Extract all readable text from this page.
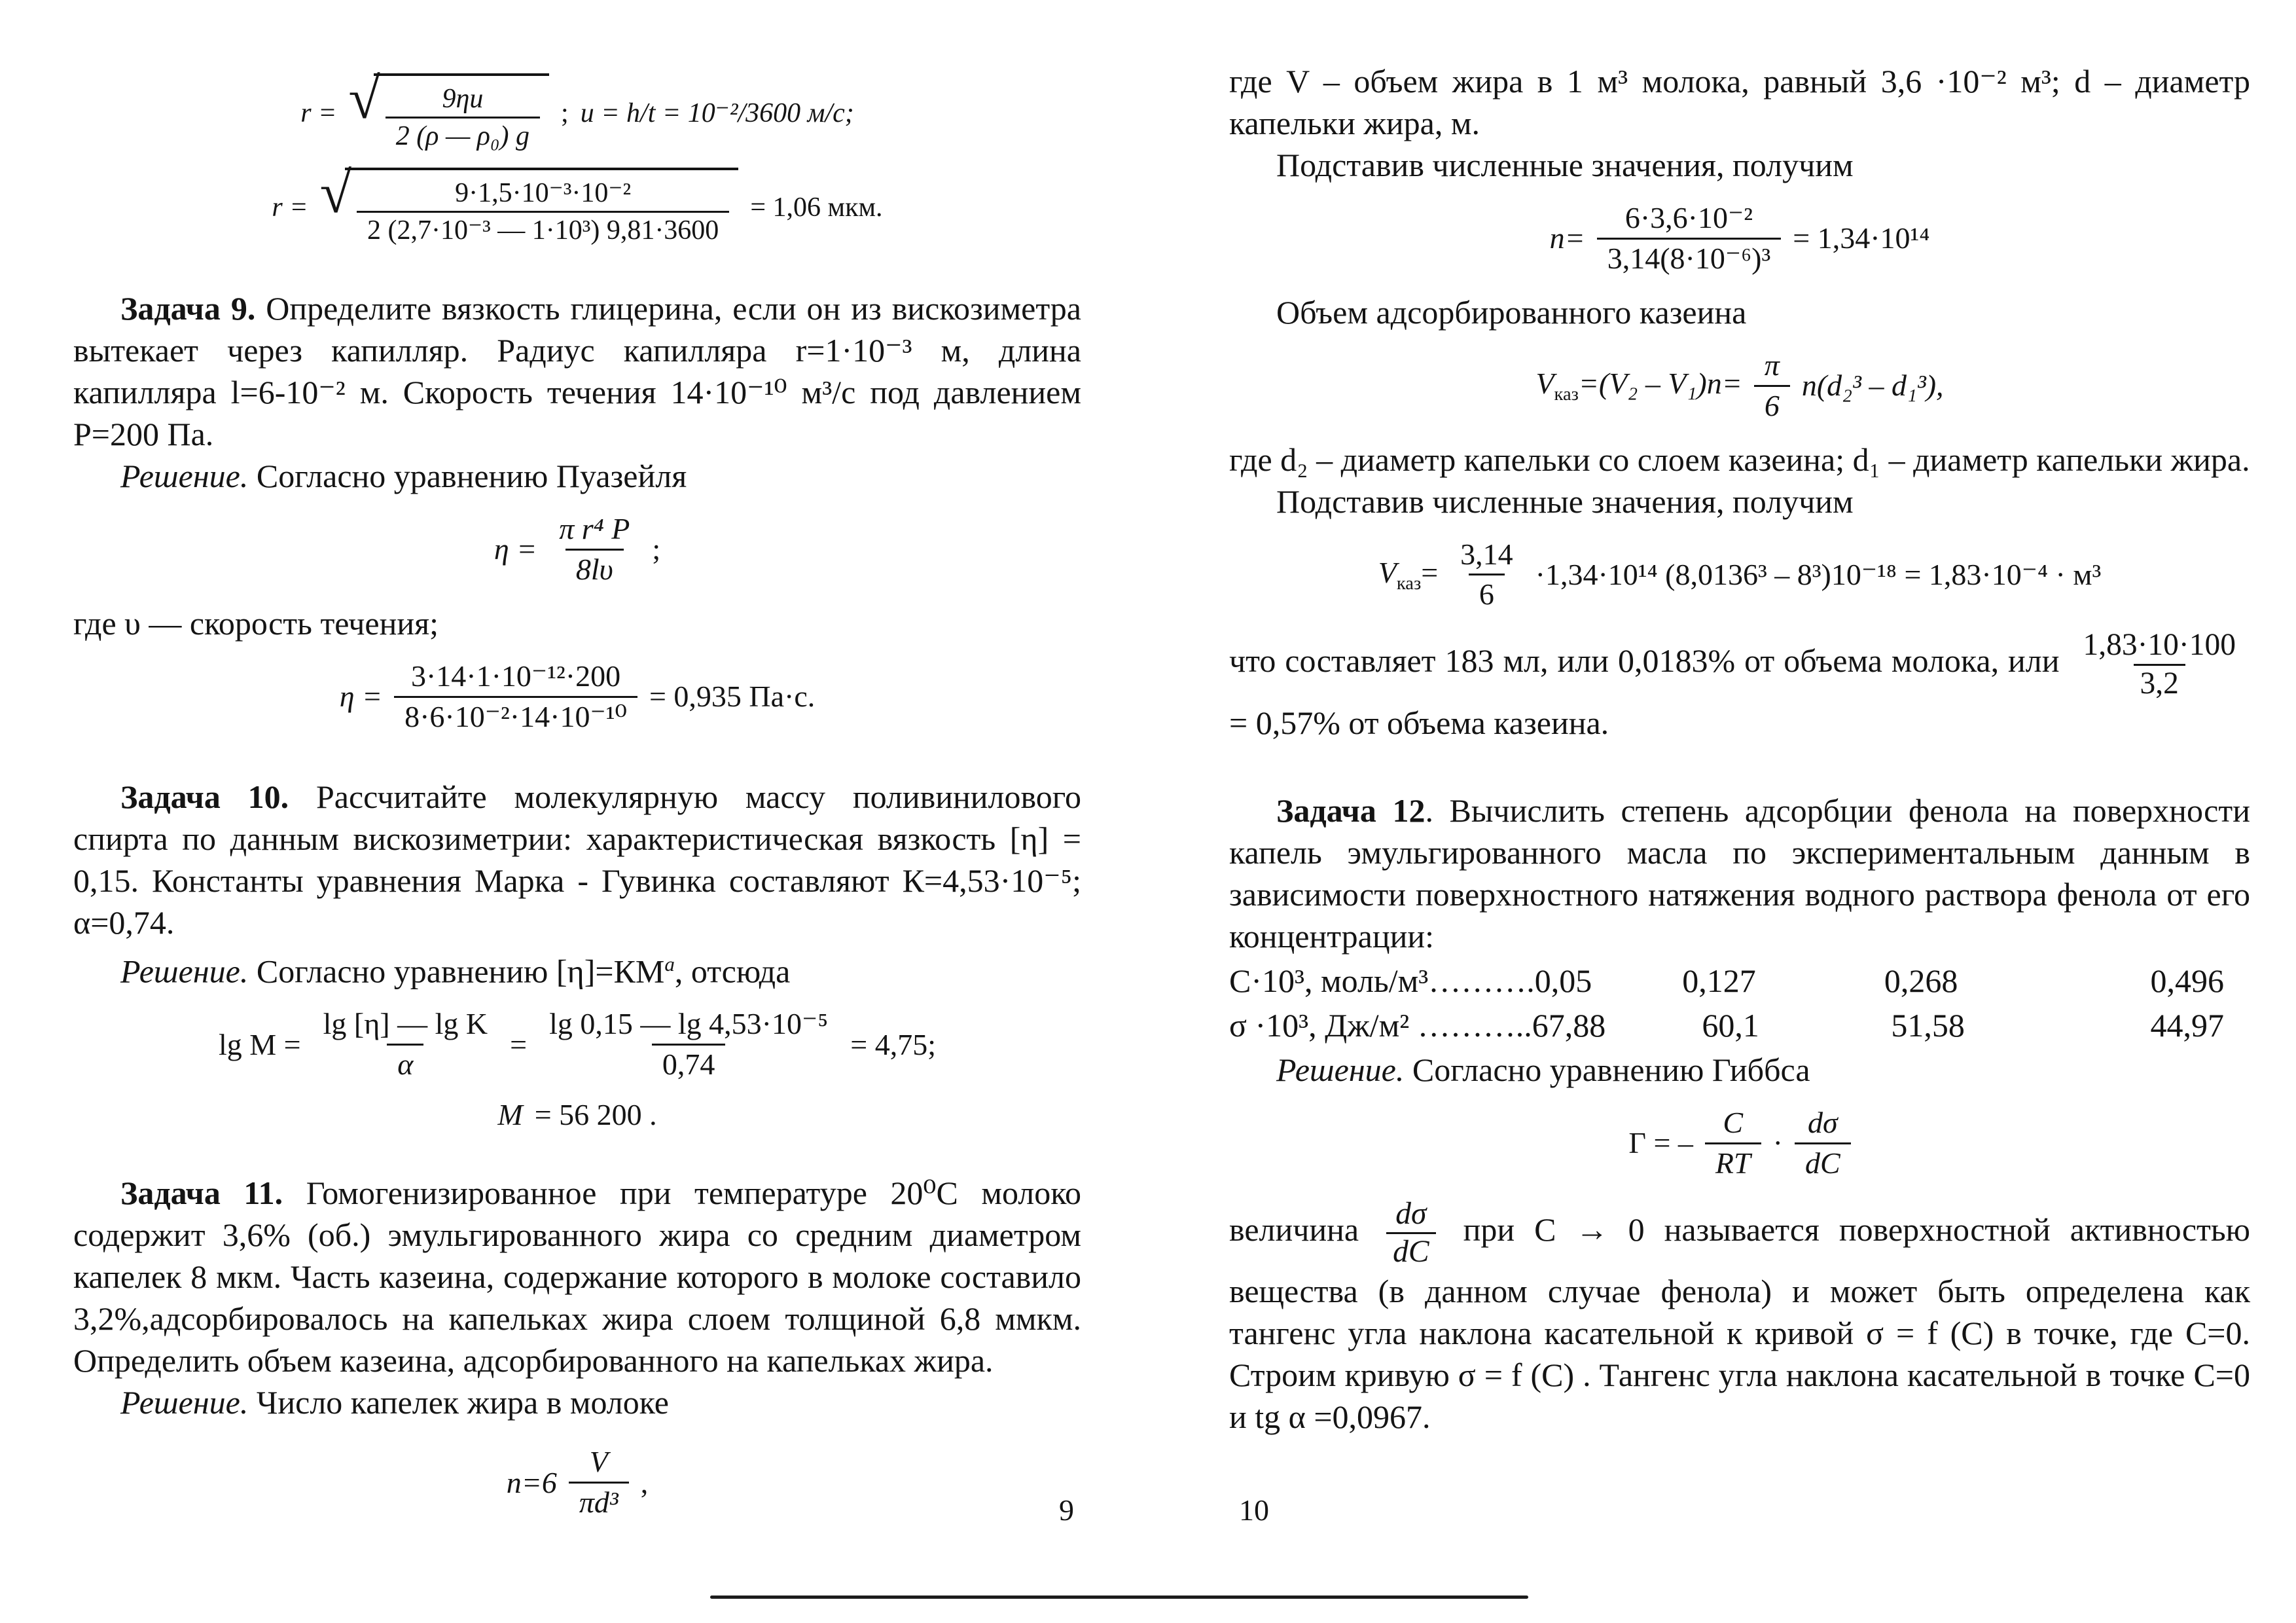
r = √ $\frac{9\eta u}{\text{2 (ρ — ρ₀) g}}$ ; u = h/t = 10⁻²/3600 м/с;
r = √ $\frac{\text{9·1,5·10⁻³·10⁻²}}{\text{2 (2,7·10⁻³ — 1·10³) 9,81·3600}} = 1,06$ мкм.

Задача 9. Определите вязкость глицерина, если он из вискозиметра вытекает через капилляр. Радиус капилляра r=1·10⁻³ м, длина капилляра l=6-10⁻² м. Скорость течения 14·10⁻¹⁰ м³/с под давлением Р=200 Па.

Решение. Согласно уравнению Пуазейля

$\eta = \frac{\text{π r⁴ P}}{8l\upsilon}$ ;

где υ — скорость течения;

$\eta = \frac{\text{3·14·1·10⁻¹²·200}}{\text{8·6·10⁻²·14·10⁻¹⁰}} = 0,935$ Па·с.

Задача 10. Рассчитайте молекулярную массу поливинилового спирта по данным вискозиметрии: характеристическая вязкость [η] = 0,15. Константы уравнения Марка - Гувинка составляют К=4,53·10⁻⁵; α=0,74.

Решение. Согласно уравнению $[\eta]=КМ^а$, отсюда

$\lg M = \frac{\text{lg [η] — lg K}}{\alpha} = \frac{\text{lg 0,15 — lg 4,53·10⁻⁵}}{0,74} = 4,75$;
M = 56 200 .

Задача 11. Гомогенизированное при температуре 20⁰С молоко содержит 3,6% (об.) эмульгированного жира со средним диаметром капелек 8 мкм. Часть казеина, содержание которого в молоке составило 3,2%,адсорбировалось на капельках жира слоем толщиной 6,8 ммкм. Определить объем казеина, адсорбированного на капельках жира.

Решение. Число капелек жира в молоке

$n=6 \frac{V}{\text{πd³}}$ ,

где V – объем жира в 1 м³ молока, равный 3,6 ·10⁻² м³; d – диаметр капельки жира, м.

Подставив численные значения, получим

$n= \frac{\text{6·3,6·10⁻²}}{\text{3,14(8·10⁻⁶)³}} = 1,34\cdot 10^{14}$

Объем адсорбированного казеина

$V_{каз}=(V_2 - V_1)n= \frac{\pi}{6} n(d_2^3 - d_1^3)$,

где d₂ – диаметр капельки со слоем казеина; d₁ – диаметр капельки жира.

Подставив численные значения, получим

$V_{каз}= \frac{3,14}{6} \cdot 1,34\cdot 10^{14}$ (8,0136³ – 8³)10⁻¹⁸ = 1,83·10⁻⁴ · м³

что составляет 183 мл, или 0,0183% от объема молока, или $\frac{1,83\cdot 10\cdot 100}{3,2}$
= 0,57% от объема казеина.

Задача 12. Вычислить степень адсорбции фенола на поверхности капель эмульгированного масла по экспериментальным данным в зависимости поверхностного натяжения водного раствора фенола от его концентрации:

С·10³, моль/м³………. 0,05	0,127	0,268	0,496
σ ·10³, Дж/м² ……….. 67,88	60,1	51,58	44,97

Решение. Согласно уравнению Гиббса

Γ = – $\frac{C}{RT} \cdot \frac{d\sigma}{dC}$

величина $\frac{d\sigma}{dC}$ при С → 0 называется поверхностной активностью вещества (в данном случае фенола) и может быть определена как тангенс угла наклона касательной к кривой σ = f (С) в точке, где С=0. Строим кривую σ = f (С) . Тангенс угла наклона касательной в точке С=0 и tg α =0,0967.

9	10
